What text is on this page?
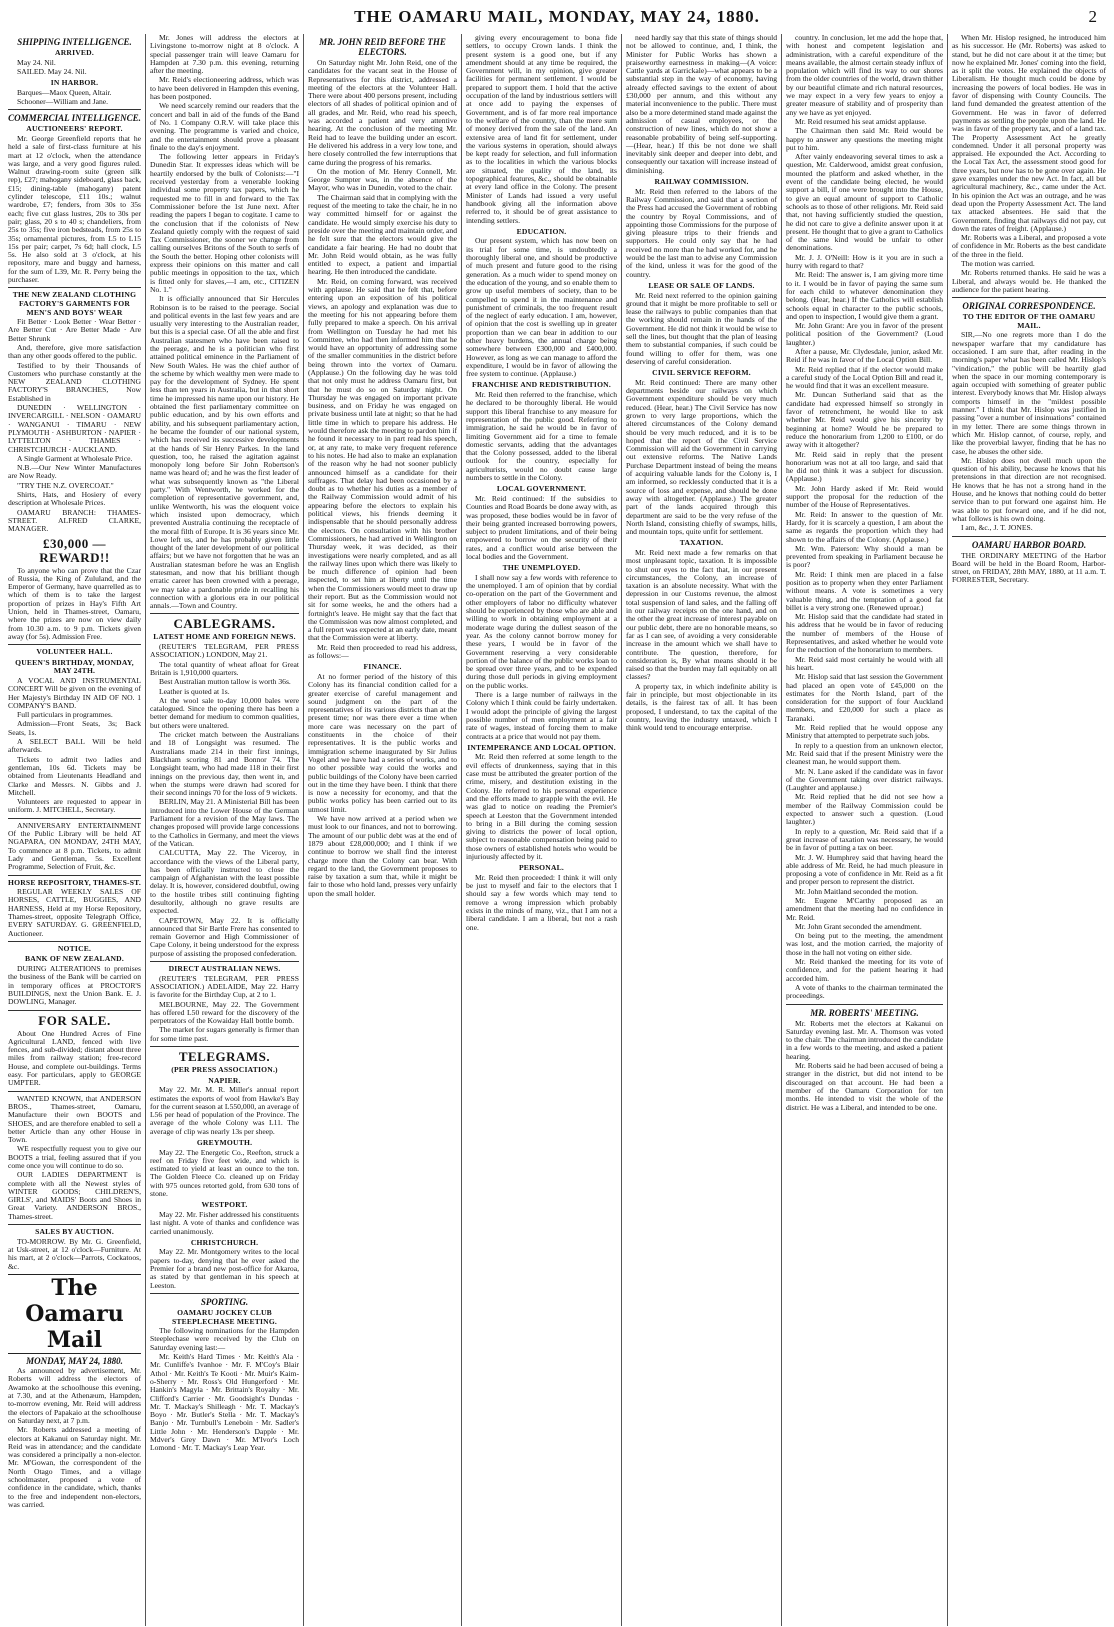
THE OAMARU MAIL, MONDAY, MAY 24, 1880.	2
SHIPPING INTELLIGENCE.
ARRIVED.

May 24. Nil.

SAILED. May 24. Nil.

IN HARBOR.

Barques—Maox Queen, Altair.

Schooner—William and Jane.

COMMERCIAL INTELLIGENCE.
AUCTIONEERS' REPORT.

Mr. George Greenfield reports that he held a sale of first-class furniture at his mart at 12 o'clock, when the attendance was large, and a very good figures ruled. Walnut drawing-room suite (green silk rep), £27; mahogany sideboard, glass back, £15; dining-table (mahogany) patent cylinder telescope, £11 10s.; walnut wardrobe, £7; fenders, from 30s to 35s each; five cut glass lustres, 20s to 30s per pair; glass, 20 s to 40 s; chandeliers, from 25s to 35s; five iron bedsteads, from 25s to 35s; ornamental pictures, from L5 to L15 15s per pair; carpet, 7s 6d; hall clock, L5 5s. He also sold at 3 o'clock, at his repository, mare and buggy and harness, for the sum of L39, Mr. R. Perry being the purchaser.

THE NEW ZEALAND CLOTHING FACTORY'S GARMENTS FOR MEN'S AND BOYS' WEAR

Fit Better · Look Better · Wear Better · Are Better Cut · Are Better Made · Are Better Shrunk

And, therefore, give more satisfaction than any other goods offered to the public.

Testified to by their Thousands of Customers who purchase constantly at the NEW ZEALAND CLOTHING FACTORY'S BRANCHES, Now Established in

DUNEDIN · WELLINGTON · INVERCARGILL · NELSON · OAMARU · WANGANUI · TIMARU · NEW PLYMOUTH · ASHBURTON · NAPIER · LYTTELTON · THAMES · CHRISTCHURCH · AUCKLAND.

A Single Garment at Wholesale Price.

N.B.—Our New Winter Manufactures are Now Ready.

"TRY THE N.Z. OVERCOAT."

Shirts, Hats, and Hosiery of every description at Wholesale Prices.

OAMARU BRANCH: THAMES-STREET. ALFRED CLARKE, MANAGER.

£30,000 — REWARD!!

To anyone who can prove that the Czar of Russia, the King of Zululand, and the Emperor of Germany, have quarrelled as to which of them is to take the largest proportion of prizes in Hay's Fifth Art Union, held in Thames-street, Oamaru, where the prizes are now on view daily from 10.30 a.m. to 9 p.m. Tickets given away (for 5s). Admission Free.

VOLUNTEER HALL.
QUEEN'S BIRTHDAY, MONDAY, MAY 24TH.

A VOCAL AND INSTRUMENTAL CONCERT Will be given on the evening of Her Majesty's Birthday IN AID OF NO. 1 COMPANY'S BAND.

Full particulars in programmes.

Admission—Front Seats, 3s; Back Seats, 1s.

A SELECT BALL Will be held afterwards.

Tickets to admit two ladies and gentleman, 10s 6d. Tickets may be obtained from Lieutenants Headland and Clarke and Messrs. N. Gibbs and J. Mitchell.

Volunteers are requested to appear in uniform. J. MITCHELL, Secretary.

ANNIVERSARY ENTERTAINMENT Of the Public Library will be held AT NGAPARA, ON MONDAY, 24TH MAY, To commence at 8 p.m. Tickets, to admit Lady and Gentleman, 5s. Excellent Programme, Selection of Fruit, &c.

HORSE REPOSITORY, THAMES-ST.

REGULAR WEEKLY SALES OF HORSES, CATTLE, BUGGIES, AND HARNESS, Held at my Horse Repository, Thames-street, opposite Telegraph Office, EVERY SATURDAY. G. GREENFIELD, Auctioneer.

NOTICE.
BANK OF NEW ZEALAND.

DURING ALTERATIONS to premises the business of the Bank will be carried on in temporary offices at PROCTOR'S BUILDINGS, next the Union Bank. E. J. DOWLING, Manager.

FOR SALE.

About One Hundred Acres of Fine Agricultural LAND, fenced with live fences, and sub-divided; distant about three miles from railway station; free-record House, and complete out-buildings. Terms easy. For particulars, apply to GEORGE UMPTER.

WANTED KNOWN, that ANDERSON BROS., Thames-street, Oamaru, Manufacture their own BOOTS and SHOES, and are therefore enabled to sell a better Article than any other House in Town.

WE respectfully request you to give our BOOTS a trial, feeling assured that if you come once you will continue to do so.

OUR LADIES DEPARTMENT is complete with all the Newest styles of WINTER GOODS; CHILDREN'S, GIRLS', and MAIDS' Boots and Shoes in Great Variety. ANDERSON BROS., Thames-street.

SALES BY AUCTION.

TO-MORROW. By Mr. G. Greenfield, at Usk-street, at 12 o'clock—Furniture. At his mart, at 2 o'clock—Parrots, Cockatoos, &c.

The Oamaru Mail
MONDAY, MAY 24, 1880.

As announced by advertisement, Mr. Roberts will address the electors of Awamoko at the schoolhouse this evening, at 7.30, and at the Athenæum, Hampden, to-morrow evening, Mr. Reid will address the electors of Papakaio at the schoolhouse on Saturday next, at 7 p.m.

Mr. Roberts addressed a meeting of electors at Kakanui on Saturday night. Mr. Reid was in attendance; and the candidate was considered a principally a non-elector. Mr. M'Gowan, the correspondent of the North Otago Times, and a village schoolmaster, proposed a vote of confidence in the candidate, which, thanks to the free and independent non-electors, was carried.

Mr. Jones will address the electors at Livingstone to-morrow night at 8 o'clock. A special passenger train will leave Oamaru for Hampden at 7.30 p.m. this evening, returning after the meeting.

Mr. Reid's electioneering address, which was to have been delivered in Hampden this evening, has been postponed.

We need scarcely remind our readers that the concert and ball in aid of the funds of the Band of No. 1 Company O.R.V. will take place this evening. The programme is varied and choice, and the entertainment should prove a pleasant finale to the day's enjoyment.

The following letter appears in Friday's Dunedin Star. It expresses ideas which will be heartily endorsed by the bulk of Colonists:—"I received yesterday from a venerable looking individual some property tax papers, which he requested me to fill in and forward to the Tax Commissioner before the 1st June next. After reading the papers I began to cogitate. I came to the conclusion that if the colonists of New Zealand quietly comply with the request of said Tax Commissioner, the sooner we change from calling ourselves Britons of the South to serfs of the South the better. Hoping other colonists will express their opinions on this matter and call public meetings in opposition to the tax, which is fitted only for slaves,—I am, etc., CITIZEN No. 1."

It is officially announced that Sir Hercules Robinson is to be raised to the peerage. Social and political events in the last few years and are usually very interesting to the Australian reader, but this is a special case. Of all the able and first Australian statesmen who have been raised to the peerage, and he is a politician who first attained political eminence in the Parliament of New South Wales. He was the chief author of the scheme by which wealthy men were made to pay for the development of Sydney. He spent less than ten years in Australia, but in that short time he impressed his name upon our history. He obtained the first parliamentary committee on public education, and by his own efforts and ability, and his subsequent parliamentary action, he became the founder of our national system, which has received its successive developments at the hands of Sir Henry Parkes. In the land question, too, he raised the agitation against monopoly long before Sir John Robertson's name was heard of; and he was the first leader of what was subsequently known as "the Liberal party." With Wentworth, he worked for the completion of representative government, and, unlike Wentworth, his was the eloquent voice which insisted upon democracy, which prevented Australia continuing the receptacle of the moral filth of Europe. It is 36 years since Mr. Lowe left us, and he has probably given little thought of the later development of our political affairs; but we have not forgotten that he was an Australian statesman before he was an English statesman, and now that his brilliant though erratic career has been crowned with a peerage, we may take a pardonable pride in recalling his connection with a glorious era in our political annals.—Town and Country.

CABLEGRAMS.
LATEST HOME AND FOREIGN NEWS.

(REUTER'S TELEGRAM, PER PRESS ASSOCIATION.) LONDON, May 21.

The total quantity of wheat afloat for Great Britain is 1,910,000 quarters.

Best Australian mutton tallow is worth 36s.

Leather is quoted at 1s.

At the wool sale to-day 10,000 bales were catalogued. Since the opening there has been a better demand for medium to common qualities, but others were unaltered.

The cricket match between the Australians and 18 of Longsight was resumed. The Australians made 214 in their first innings, Blackham scoring 81 and Bonnor 74. The Longsight team, who had made 118 in their first innings on the previous day, then went in, and when the stumps were drawn had scored for their second innings 70 for the loss of 9 wickets.

BERLIN, May 21. A Ministerial Bill has been introduced into the Lower House of the German Parliament for a revision of the May laws. The changes proposed will provide large concessions to the Catholics in Germany, and meet the views of the Vatican.

CALCUTTA, May 22. The Viceroy, in accordance with the views of the Liberal party, has been officially instructed to close the campaign of Afghanistan with the least possible delay. It is, however, considered doubtful, owing to the hostile tribes still continuing fighting desultorily, although no grave results are expected.

CAPETOWN, May 22. It is officially announced that Sir Bartle Frere has consented to remain Governor and High Commissioner of Cape Colony, it being understood for the express purpose of assisting the proposed confederation.

DIRECT AUSTRALIAN NEWS.

(REUTER'S TELEGRAM, PER PRESS ASSOCIATION.) ADELAIDE, May 22. Harry is favorite for the Birthday Cup, at 2 to 1.

MELBOURNE, May 22. The Government has offered L50 reward for the discovery of the perpetrators of the Kowaiday Hall bottle bomb.

The market for sugars generally is firmer than for some time past.

TELEGRAMS.
(PER PRESS ASSOCIATION.)
NAPIER.

May 22. Mr. M. R. Miller's annual report estimates the exports of wool from Hawke's Bay for the current season at L550,000, an average of L56 per head of population of the Province. The average of the whole Colony was L11. The average of clip was nearly 13s per sheep.

GREYMOUTH.

May 22. The Energetic Co., Reefton, struck a reef on Friday five feet wide, and which is estimated to yield at least an ounce to the ton. The Golden Fleece Co. cleaned up on Friday with 975 ounces retorted gold, from 630 tons of stone.

WESTPORT.

May 22. Mr. Fisher addressed his constituents last night. A vote of thanks and confidence was carried unanimously.

CHRISTCHURCH.

May 22. Mr. Montgomery writes to the local papers to-day, denying that he ever asked the Premier for a brand new post-office for Akaroa, as stated by that gentleman in his speech at Leeston.

SPORTING.
OAMARU JOCKEY CLUB STEEPLECHASE MEETING.

The following nominations for the Hampden Steeplechase were received by the Club on Saturday evening last:—

Mr. Keith's Hard Times · Mr. Keith's Ala · Mr. Cunliffe's Ivanhoe · Mr. F. M'Coy's Blair Athol · Mr. Keith's Te Kooti · Mr. Muir's Kaim-o-Sherry · Mr. Ross's Old Hungerford · Mr. Hankin's Magyla · Mr. Brittain's Royalty · Mr. Clifford's Carrier · Mr. Goodsight's Dundas · Mr. T. Mackay's Shilleagh · Mr. T. Mackay's Boyo · Mr. Butler's Stella · Mr. T. Mackay's Banjo · Mr. Turnbull's Leneboin · Mr. Sadler's Little John · Mr. Henderson's Dapple · Mr. Mdver's Grey Dawn · Mr. M'Ivor's Loch Lomond · Mr. T. Mackay's Leap Year.

MR. JOHN REID BEFORE THE ELECTORS.

On Saturday night Mr. John Reid, one of the candidates for the vacant seat in the House of Representatives for this district, addressed a meeting of the electors at the Volunteer Hall. There were about 400 persons present, including electors of all shades of political opinion and of all grades, and Mr. Reid, who read his speech, was accorded a patient and very attentive hearing. At the conclusion of the meeting Mr. Reid had to leave the building under an escort. He delivered his address in a very low tone, and here closely controlled the few interruptions that came during the progress of his remarks.

On the motion of Mr. Henry Connell, Mr. George Sumpter was, in the absence of the Mayor, who was in Dunedin, voted to the chair.

The Chairman said that in complying with the request of the meeting to take the chair, he in no way committed himself for or against the candidate. He would simply exercise his duty to preside over the meeting and maintain order, and he felt sure that the electors would give the candidate a fair hearing. He had no doubt that Mr. John Reid would obtain, as he was fully entitled to expect, a patient and impartial hearing. He then introduced the candidate.

Mr. Reid, on coming forward, was received with applause. He said that he felt that, before entering upon an exposition of his political views, an apology and explanation was due to the meeting for his not appearing before them fully prepared to make a speech. On his arrival from Wellington on Tuesday he had met his Committee, who had then informed him that he would have an opportunity of addressing some of the smaller communities in the district before being thrown into the vortex of Oamaru. (Applause.) On the following day he was told that not only must he address Oamaru first, but that he must do so on Saturday night. On Thursday he was engaged on important private business, and on Friday he was engaged on private business until late at night; so that he had little time in which to prepare his address. He would therefore ask the meeting to pardon him if he found it necessary to in part read his speech, or, at any rate, to make very frequent reference to his notes. He had also to make an explanation of the reason why he had not sooner publicly announced himself as a candidate for their suffrages. That delay had been occasioned by a doubt as to whether his duties as a member of the Railway Commission would admit of his appearing before the electors to explain his political views, his friends deeming it indispensable that he should personally address the electors. On consultation with his brother Commissioners, he had arrived in Wellington on Thursday week, it was decided, as their investigations were nearly completed, and as all the railway lines upon which there was likely to be much difference of opinion had been inspected, to set him at liberty until the time when the Commissioners would meet to draw up their report. But as the Commission would not sit for some weeks, he and the others had a fortnight's leave. He might say that the fact that the Commission was now almost completed, and a full report was expected at an early date, meant that the Commission were at liberty.

Mr. Reid then proceeded to read his address, as follows:—

FINANCE.

At no former period of the history of this Colony has its financial condition called for a greater exercise of careful management and sound judgment on the part of the representatives of its various districts than at the present time; nor was there ever a time when more care was necessary on the part of constituents in the choice of their representatives. It is the public works and immigration scheme inaugurated by Sir Julius Vogel and we have had a series of works, and to no other possible way could the works and public buildings of the Colony have been carried out in the time they have been. I think that there is now a necessity for economy, and that the public works policy has been carried out to its utmost limit.

We have now arrived at a period when we must look to our finances, and not to borrowing. The amount of our public debt was at the end of 1879 about £28,000,000; and I think if we continue to borrow we shall find the interest charge more than the Colony can bear. With regard to the land, the Government proposes to raise by taxation a sum that, while it might be fair to those who hold land, presses very unfairly upon the small holder.

giving every encouragement to bona fide settlers, to occupy Crown lands. I think the present system is a good one, but if any amendment should at any time be required, the Government will, in my opinion, give greater facilities for permanent settlement. I would be prepared to support them. I hold that the active occupation of the land by industrious settlers will at once add to paying the expenses of Government, and is of far more real importance to the welfare of the country, than the mere sum of money derived from the sale of the land. An extensive area of land fit for settlement, under the various systems in operation, should always be kept ready for selection, and full information as to the localities in which the various blocks are situated, the quality of the land, its topographical features, &c., should be obtainable at every land office in the Colony. The present Minister of Lands had issued a very useful handbook giving all the information above referred to, it should be of great assistance to intending settlers.

EDUCATION.

Our present system, which has now been on its trial for some time, is undoubtedly a thoroughly liberal one, and should be productive of much present and future good to the rising generation. As a much wider to spend money on the education of the young, and so enable them to grow up useful members of society, than to be compelled to spend it in the maintenance and punishment of criminals, the too frequent result of the neglect of early education. I am, however, of opinion that the cost is swelling up in greater proportion than we can bear in addition to our other heavy burdens, the annual charge being somewhere between £300,000 and £400,000. However, as long as we can manage to afford the expenditure, I would be in favor of allowing the free system to continue. (Applause.)

FRANCHISE AND REDISTRIBUTION.

Mr. Reid then referred to the franchise, which he declared to be thoroughly liberal. He would support this liberal franchise to any measure for representation of the public good. Referring to immigration, he said he would be in favor of limiting Government aid for a time to female domestic servants, adding that the advantages that the Colony possessed, added to the liberal outlook for the country, especially for agriculturists, would no doubt cause large numbers to settle in the Colony.

LOCAL GOVERNMENT.

Mr. Reid continued: If the subsidies to Counties and Road Boards be done away with, as was proposed, these bodies would be in favor of their being granted increased borrowing powers, subject to prudent limitations, and of their being empowered to borrow on the security of their rates, and a conflict would arise between the local bodies and the Government.

THE UNEMPLOYED.

I shall now say a few words with reference to the unemployed. I am of opinion that by cordial co-operation on the part of the Government and other employers of labor no difficulty whatever should be experienced by those who are able and willing to work in obtaining employment at a moderate wage during the dullest season of the year. As the colony cannot borrow money for these years, I would be in favor of the Government reserving a very considerable portion of the balance of the public works loan to be spread over three years, and to be expended during those dull periods in giving employment on the public works.

There is a large number of railways in the Colony which I think could be fairly undertaken. I would adopt the principle of giving the largest possible number of men employment at a fair rate of wages, instead of forcing them to make contracts at a price that would not pay them.

INTEMPERANCE AND LOCAL OPTION.

Mr. Reid then referred at some length to the evil effects of drunkenness, saying that in this case must be attributed the greater portion of the crime, misery, and destitution existing in the Colony. He referred to his personal experience and the efforts made to grapple with the evil. He was glad to notice on reading the Premier's speech at Leeston that the Government intended to bring in a Bill during the coming session giving to districts the power of local option, subject to reasonable compensation being paid to those owners of established hotels who would be injuriously affected by it.

PERSONAL.

Mr. Reid then proceeded: I think it will only be just to myself and fair to the electors that I should say a few words which may tend to remove a wrong impression which probably exists in the minds of many, viz., that I am not a liberal candidate. I am a liberal, but not a rash one.

need hardly say that this state of things should not be allowed to continue, and, I think, the Minister for Public Works has shown a praiseworthy earnestness in making—(A voice: Cattle yards at Garrickale)—what appears to be a substantial step in the way of economy, having already effected savings to the extent of about £30,000 per annum, and this without any material inconvenience to the public. There must also be a more determined stand made against the admission of casual employees, or the construction of new lines, which do not show a reasonable probability of being self-supporting.—(Hear, hear.) If this be not done we shall inevitably sink deeper and deeper into debt, and consequently our taxation will increase instead of diminishing.

RAILWAY COMMISSION.

Mr. Reid then referred to the labors of the Railway Commission, and said that a section of the Press had accused the Government of robbing the country by Royal Commissions, and of appointing those Commissions for the purpose of giving pleasure trips to their friends and supporters. He could only say that he had received no more than he had worked for, and he would be the last man to advise any Commission of the kind, unless it was for the good of the country.

LEASE OR SALE OF LANDS.

Mr. Reid next referred to the opinion gaining ground that it might be more profitable to sell or lease the railways to public companies than that the working should remain in the hands of the Government. He did not think it would be wise to sell the lines, but thought that the plan of leasing them to substantial companies, if such could be found willing to offer for them, was one deserving of careful consideration.

CIVIL SERVICE REFORM.

Mr. Reid continued: There are many other departments beside our railways on which Government expenditure should be very much reduced. (Hear, hear.) The Civil Service has now grown to very large proportions, which the altered circumstances of the Colony demand should be very much reduced, and it is to be hoped that the report of the Civil Service Commission will aid the Government in carrying out extensive reforms. The Native Lands Purchase Department instead of being the means of acquiring valuable lands for the Colony is, I am informed, so recklessly conducted that it is a source of loss and expense, and should be done away with altogether. (Applause.) The greater part of the lands acquired through this department are said to be the very refuse of the North Island, consisting chiefly of swamps, hills, and mountain tops, quite unfit for settlement.

TAXATION.

Mr. Reid next made a few remarks on that most unpleasant topic, taxation. It is impossible to shut our eyes to the fact that, in our present circumstances, the Colony, an increase of taxation is an absolute necessity. What with the depression in our Customs revenue, the almost total suspension of land sales, and the falling off in our railway receipts on the one hand, and on the other the great increase of interest payable on our public debt, there are no honorable means, so far as I can see, of avoiding a very considerable increase in the amount which we shall have to contribute. The question, therefore, for consideration is, By what means should it be raised so that the burden may fall equitably on all classes?

A property tax, in which indefinite ability is fair in principle, but most objectionable in its details, is the fairest tax of all. It has been proposed, I understand, to tax the capital of the country, leaving the industry untaxed, which I think would tend to encourage enterprise.

country. In conclusion, let me add the hope that, with honest and competent legislation and administration, with a careful expenditure of the means available, the almost certain steady influx of population which will find its way to our shores from the older countries of the world, drawn thither by our beautiful climate and rich natural resources, we may expect in a very few years to enjoy a greater measure of stability and of prosperity than any we have as yet enjoyed.

Mr. Reid resumed his seat amidst applause.

The Chairman then said Mr. Reid would be happy to answer any questions the meeting might put to him.

After vainly endeavoring several times to ask a question, Mr. Calderwood, amidst great confusion, mounted the platform and asked whether, in the event of the candidate being elected, he would support a bill, if one were brought into the House, to give an equal amount of support to Catholic schools as to those of other religions. Mr. Reid said that, not having sufficiently studied the question, he did not care to give a definite answer upon it at present. He thought that to give a grant to Catholics of the same kind would be unfair to other denominations.

Mr. J. J. O'Neill: How is it you are in such a hurry with regard to that?

Mr. Reid: The answer is, I am giving more time to it. I would be in favor of paying the same sum for each child to whatever denomination they belong. (Hear, hear.) If the Catholics will establish schools equal in character to the public schools, and open to inspection, I would give them a grant.

Mr. John Grant: Are you in favor of the present political position of the Government? (Loud laughter.)

After a pause, Mr. Clydesdale, junior, asked Mr. Reid if he was in favor of the Local Option Bill.

Mr. Reid replied that if the elector would make a careful study of the Local Option Bill and read it, he would find that it was an excellent measure.

Mr. Duncan Sutherland said that as the candidate had expressed himself so strongly in favor of retrenchment, he would like to ask whether Mr. Reid would give his sincerity by beginning at home? Would he be prepared to reduce the honorarium from 1,200 to £100, or do away with it altogether?

Mr. Reid said in reply that the present honorarium was not at all too large, and said that he did not think it was a subject for discussion. (Applause.)

Mr. John Hardy asked if Mr. Reid would support the proposal for the reduction of the number of the House of Representatives.

Mr. Reid: In answer to the question of Mr. Hardy, for it is scarcely a question, I am about the same as regards the proportion which they had shown to the affairs of the Colony. (Applause.)

Mr. Wm. Paterson: Why should a man be prevented from speaking in Parliament because he is poor?

Mr. Reid: I think men are placed in a false position as to property when they enter Parliament without means. A vote is sometimes a very valuable thing, and the temptation of a good fat billet is a very strong one. (Renewed uproar.)

Mr. Hislop said that the candidate had stated in his address that he would be in favor of reducing the number of members of the House of Representatives, and asked whether he would vote for the reduction of the honorarium to members.

Mr. Reid said most certainly he would with all his heart.

Mr. Hislop said that last session the Government had placed an open vote of £45,000 on the estimates for the North Island, part of the consideration for the support of four Auckland members, and £20,000 for such a place as Taranaki.

Mr. Reid replied that he would oppose any Ministry that attempted to perpetrate such jobs.

In reply to a question from an unknown elector, Mr. Reid said that if the present Ministry were the cleanest man, he would support them.

Mr. N. Lane asked if the candidate was in favor of the Government taking over district railways. (Laughter and applause.)

Mr. Reid replied that he did not see how a member of the Railway Commission could be expected to answer such a question. (Loud laughter.)

In reply to a question, Mr. Reid said that if a great increase of taxation was necessary, he would be in favor of putting a tax on beer.

Mr. J. W. Humphrey said that having heard the able address of Mr. Reid, he had much pleasure in proposing a vote of confidence in Mr. Reid as a fit and proper person to represent the district.

Mr. John Maitland seconded the motion.

Mr. Eugene M'Carthy proposed as an amendment that the meeting had no confidence in Mr. Reid.

Mr. John Grant seconded the amendment.

On being put to the meeting, the amendment was lost, and the motion carried, the majority of those in the hall not voting on either side.

Mr. Reid thanked the meeting for its vote of confidence, and for the patient hearing it had accorded him.

A vote of thanks to the chairman terminated the proceedings.

MR. ROBERTS' MEETING.

Mr. Roberts met the electors at Kakanui on Saturday evening last. Mr. A. Thomson was voted to the chair. The chairman introduced the candidate in a few words to the meeting, and asked a patient hearing.

Mr. Roberts said he had been accused of being a stranger in the district, but did not intend to be discouraged on that account. He had been a member of the Oamaru Corporation for ten months. He intended to visit the whole of the district. He was a Liberal, and intended to be one.

When Mr. Hislop resigned, he introduced him as his successor. He (Mr. Roberts) was asked to stand, but he did not care about it at the time; but now he explained Mr. Jones' coming into the field, as it split the votes. He explained the objects of Liberalism. He thought much could be done by increasing the powers of local bodies. He was in favor of dispensing with County Councils. The land fund demanded the greatest attention of the Government. He was in favor of deferred payments as settling the people upon the land. He was in favor of the property tax, and of a land tax. The Property Assessment Act he greatly condemned. Under it all personal property was appraised. He expounded the Act. According to the Local Tax Act, the assessment stood good for three years, but now has to be gone over again. He gave examples under the new Act. In fact, all but agricultural machinery, &c., came under the Act. In his opinion the Act was an outrage, and he was dead upon the Property Assessment Act. The land tax attacked absentees. He said that the Government, finding that railways did not pay, cut down the rates of freight. (Applause.)

Mr. Roberts was a Liberal, and proposed a vote of confidence in Mr. Roberts as the best candidate of the three in the field.

The motion was carried.

Mr. Roberts returned thanks. He said he was a Liberal, and always would be. He thanked the audience for the patient hearing.

ORIGINAL CORRESPONDENCE.
TO THE EDITOR OF THE OAMARU MAIL.

SIR,—No one regrets more than I do the newspaper warfare that my candidature has occasioned. I am sure that, after reading in the morning's paper what has been called Mr. Hislop's "vindication," the public will be heartily glad when the space in our morning contemporary is again occupied with something of greater public interest. Everybody knows that Mr. Hislop always comports himself in the "mildest possible manner." I think that Mr. Hislop was justified in passing "over a number of insinuations" contained in my letter. There are some things thrown in which Mr. Hislop cannot, of course, reply, and like the proverbial lawyer, finding that he has no case, he abuses the other side.

Mr. Hislop does not dwell much upon the question of his ability, because he knows that his pretensions in that direction are not recognised. He knows that he has not a strong hand in the House, and he knows that nothing could do better service than to put forward one against him. He was able to put forward one, and if he did not, what follows is his own doing.

I am, &c., J. T. JONES.

OAMARU HARBOR BOARD.

THE ORDINARY MEETING of the Harbor Board will be held in the Board Room, Harbor-street, on FRIDAY, 28th MAY, 1880, at 11 a.m. T. FORRESTER, Secretary.
